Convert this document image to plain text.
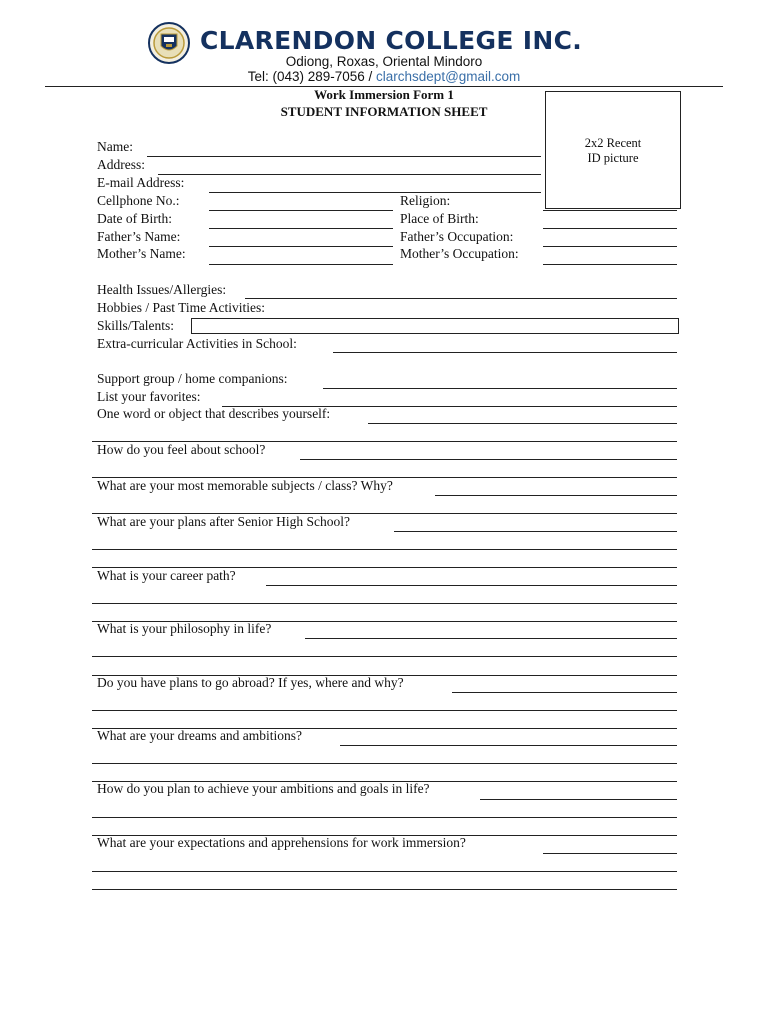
CLARENDON COLLEGE INC.
Odiong, Roxas, Oriental Mindoro
Tel: (043) 289-7056 / clarchsdept@gmail.com
Work Immersion Form 1
STUDENT INFORMATION SHEET
2x2 Recent
ID picture
Name:
Address:
E-mail Address:
Cellphone No.:	Religion:
Date of Birth:	Place of Birth:
Father’s Name:	Father’s Occupation:
Mother’s Name:	Mother’s Occupation:
Health Issues/Allergies:
Hobbies / Past Time Activities:
Skills/Talents:
Extra-curricular Activities in School:
Support group / home companions:
List your favorites:
One word or object that describes yourself:
How do you feel about school?
What are your most memorable subjects / class? Why?
What are your plans after Senior High School?
What is your career path?
What is your philosophy in life?
Do you have plans to go abroad? If yes, where and why?
What are your dreams and ambitions?
How do you plan to achieve your ambitions and goals in life?
What are your expectations and apprehensions for work immersion?
